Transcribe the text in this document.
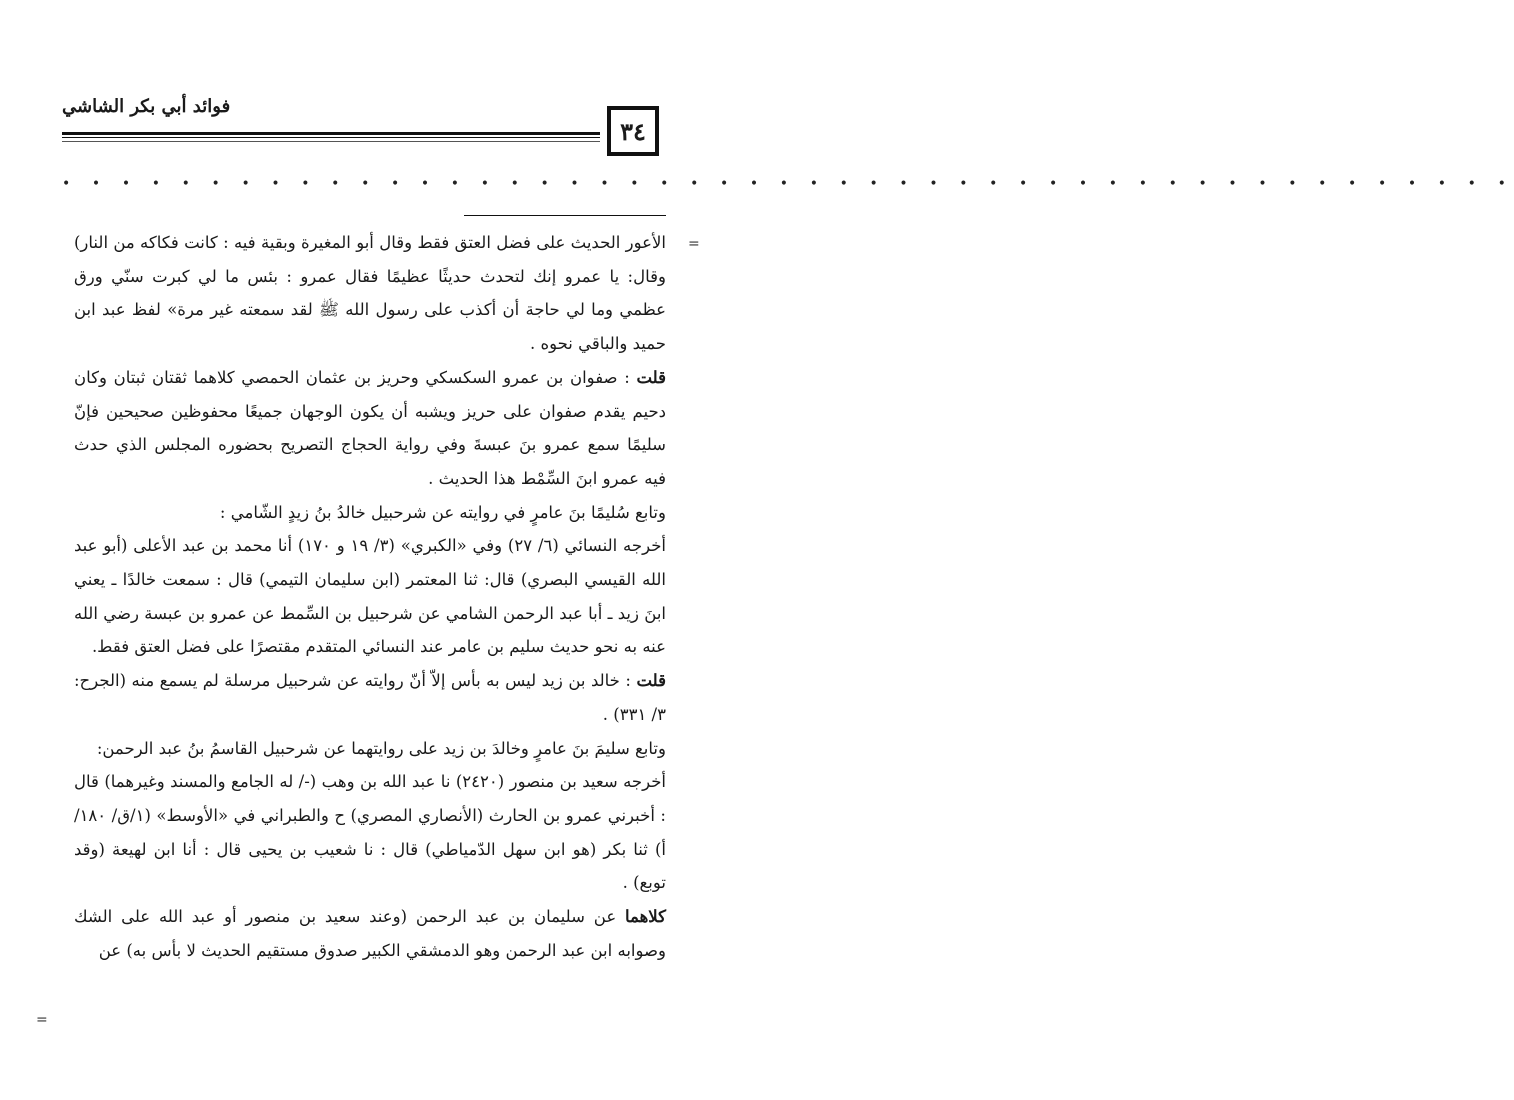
فوائد أبي بكر الشاشي
٣٤
• • • • • • • • • • • • • • • • • • • • • • • • • • • • • • • • • • • • • • • • • • • • • • • • •
=
=

الأعور الحديث على فضل العتق فقط وقال أبو المغيرة وبقية فيه : كانت فكاكه من النار) وقال: يا عمرو إنك لتحدث حديثًا عظيمًا فقال عمرو : بئس ما لي كبرت سنّي ورق عظمي وما لي حاجة أن أكذب على رسول الله ﷺ لقد سمعته غير مرة» لفظ عبد ابن حميد والباقي نحوه .

قلت : صفوان بن عمرو السكسكي وحريز بن عثمان الحمصي كلاهما ثقتان ثبتان وكان دحيم يقدم صفوان على حريز ويشبه أن يكون الوجهان جميعًا محفوظين صحيحين فإنّ سليمًا سمع عمرو بنَ عبسةَ وفي رواية الحجاج التصريح بحضوره المجلس الذي حدث فيه عمرو ابنَ السِّمْط هذا الحديث .

وتابع سُليمًا بنَ عامرٍ في روايته عن شرحبيل خالدُ بنُ زيدٍ الشّامي :

أخرجه النسائي (٦/ ٢٧) وفي «الكبري» (٣/ ١٩ و ١٧٠) أنا محمد بن عبد الأعلى (أبو عبد الله القيسي البصري) قال: ثنا المعتمر (ابن سليمان التيمي) قال : سمعت خالدًا ـ يعني ابنَ زيد ـ أبا عبد الرحمن الشامي عن شرحبيل بن السِّمط عن عمرو بن عبسة رضي الله عنه به نحو حديث سليم بن عامر عند النسائي المتقدم مقتصرًا على فضل العتق فقط.

قلت : خالد بن زيد ليس به بأس إلاّ أنّ روايته عن شرحبيل مرسلة لم يسمع منه (الجرح: ٣/ ٣٣١) .

وتابع سليمَ بنَ عامرٍ وخالدَ بن زيد على روايتهما عن شرحبيل القاسمُ بنُ عبد الرحمن:

أخرجه سعيد بن منصور (٢٤٢٠) نا عبد الله بن وهب (-/ له الجامع والمسند وغيرهما) قال : أخبرني عمرو بن الحارث (الأنصاري المصري) ح والطبراني في «الأوسط» (١/ق/ ١٨٠/أ) ثنا بكر (هو ابن سهل الدّمياطي) قال : نا شعيب بن يحيى قال : أنا ابن لهيعة (وقد توبع) .

كلاهما عن سليمان بن عبد الرحمن (وعند سعيد بن منصور أو عبد الله على الشك وصوابه ابن عبد الرحمن وهو الدمشقي الكبير صدوق مستقيم الحديث لا بأس به) عن
